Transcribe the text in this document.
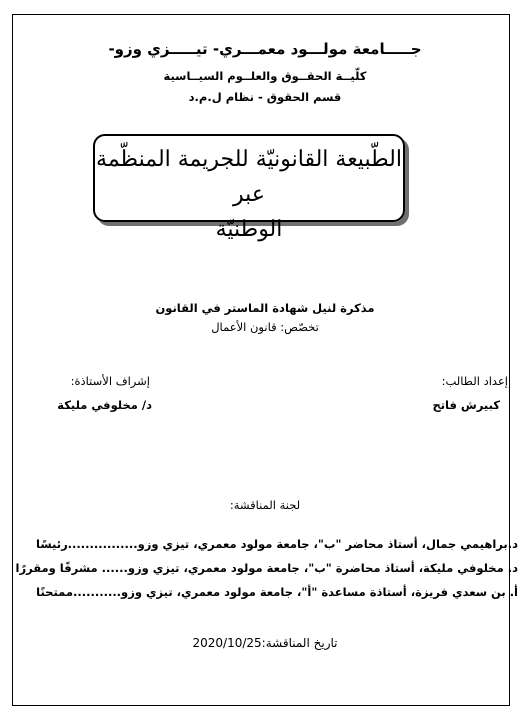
جـــــامعة مولـــود معمـــري- تيـــــزي وزو-
كلّيــة الحقــوق والعلــوم السيــاسية
قسم الحقوق - نظام ل.م.د
الطّبيعة القانونيّة للجريمة المنظّمة عبر
الوطنيّة
مذكرة لنيل شهادة الماستر في القانون
تخصّص: قانون الأعمال
إعداد الطالب:
كبيرش فاتح
إشراف الأستاذة:
د/ مخلوفي مليكة
لجنة المناقشة:
د.براهيمي جمال، أستاذ محاضر "ب"، جامعة مولود معمري، تيزي وزو................رئيسًا
د. مخلوفي مليكة، أستاذ محاضرة "ب"، جامعة مولود معمري، تيزي وزو...... مشرفًا ومقررًا
أ. بن سعدي فريزة، أستاذة مساعدة "أ"، جامعة مولود معمري، تيزي وزو...........ممتحنًا
تاريخ المناقشة:2020/10/25
